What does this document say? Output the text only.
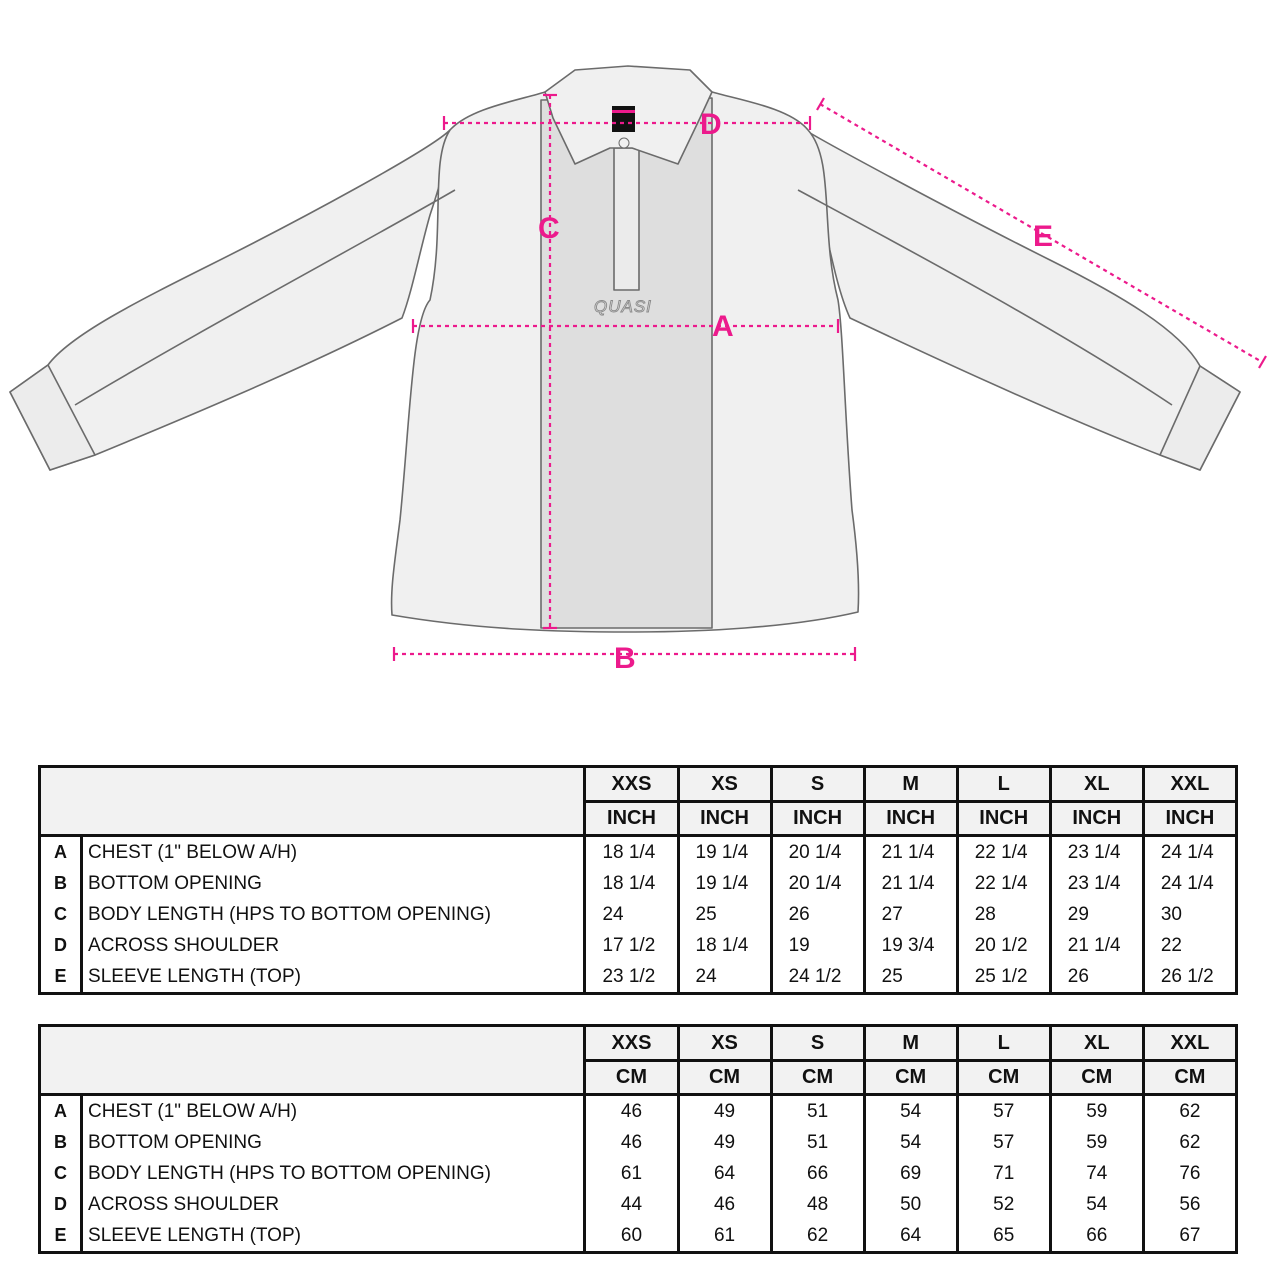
QUASI
A
B
C
D
E
		XXS	XS	S	M	L	XL	XXL
		INCH	INCH	INCH	INCH	INCH	INCH	INCH
A	CHEST (1" BELOW A/H)	18 1/4	19 1/4	20 1/4	21 1/4	22 1/4	23 1/4	24 1/4
B	BOTTOM OPENING	18 1/4	19 1/4	20 1/4	21 1/4	22 1/4	23 1/4	24 1/4
C	BODY LENGTH (HPS TO BOTTOM OPENING)	24	25	26	27	28	29	30
D	ACROSS SHOULDER	17 1/2	18 1/4	19	19 3/4	20 1/2	21 1/4	22
E	SLEEVE LENGTH (TOP)	23 1/2	24	24 1/2	25	25 1/2	26	26 1/2
		XXS	XS	S	M	L	XL	XXL
		CM	CM	CM	CM	CM	CM	CM
A	CHEST (1" BELOW A/H)	46	49	51	54	57	59	62
B	BOTTOM OPENING	46	49	51	54	57	59	62
C	BODY LENGTH (HPS TO BOTTOM OPENING)	61	64	66	69	71	74	76
D	ACROSS SHOULDER	44	46	48	50	52	54	56
E	SLEEVE LENGTH (TOP)	60	61	62	64	65	66	67
